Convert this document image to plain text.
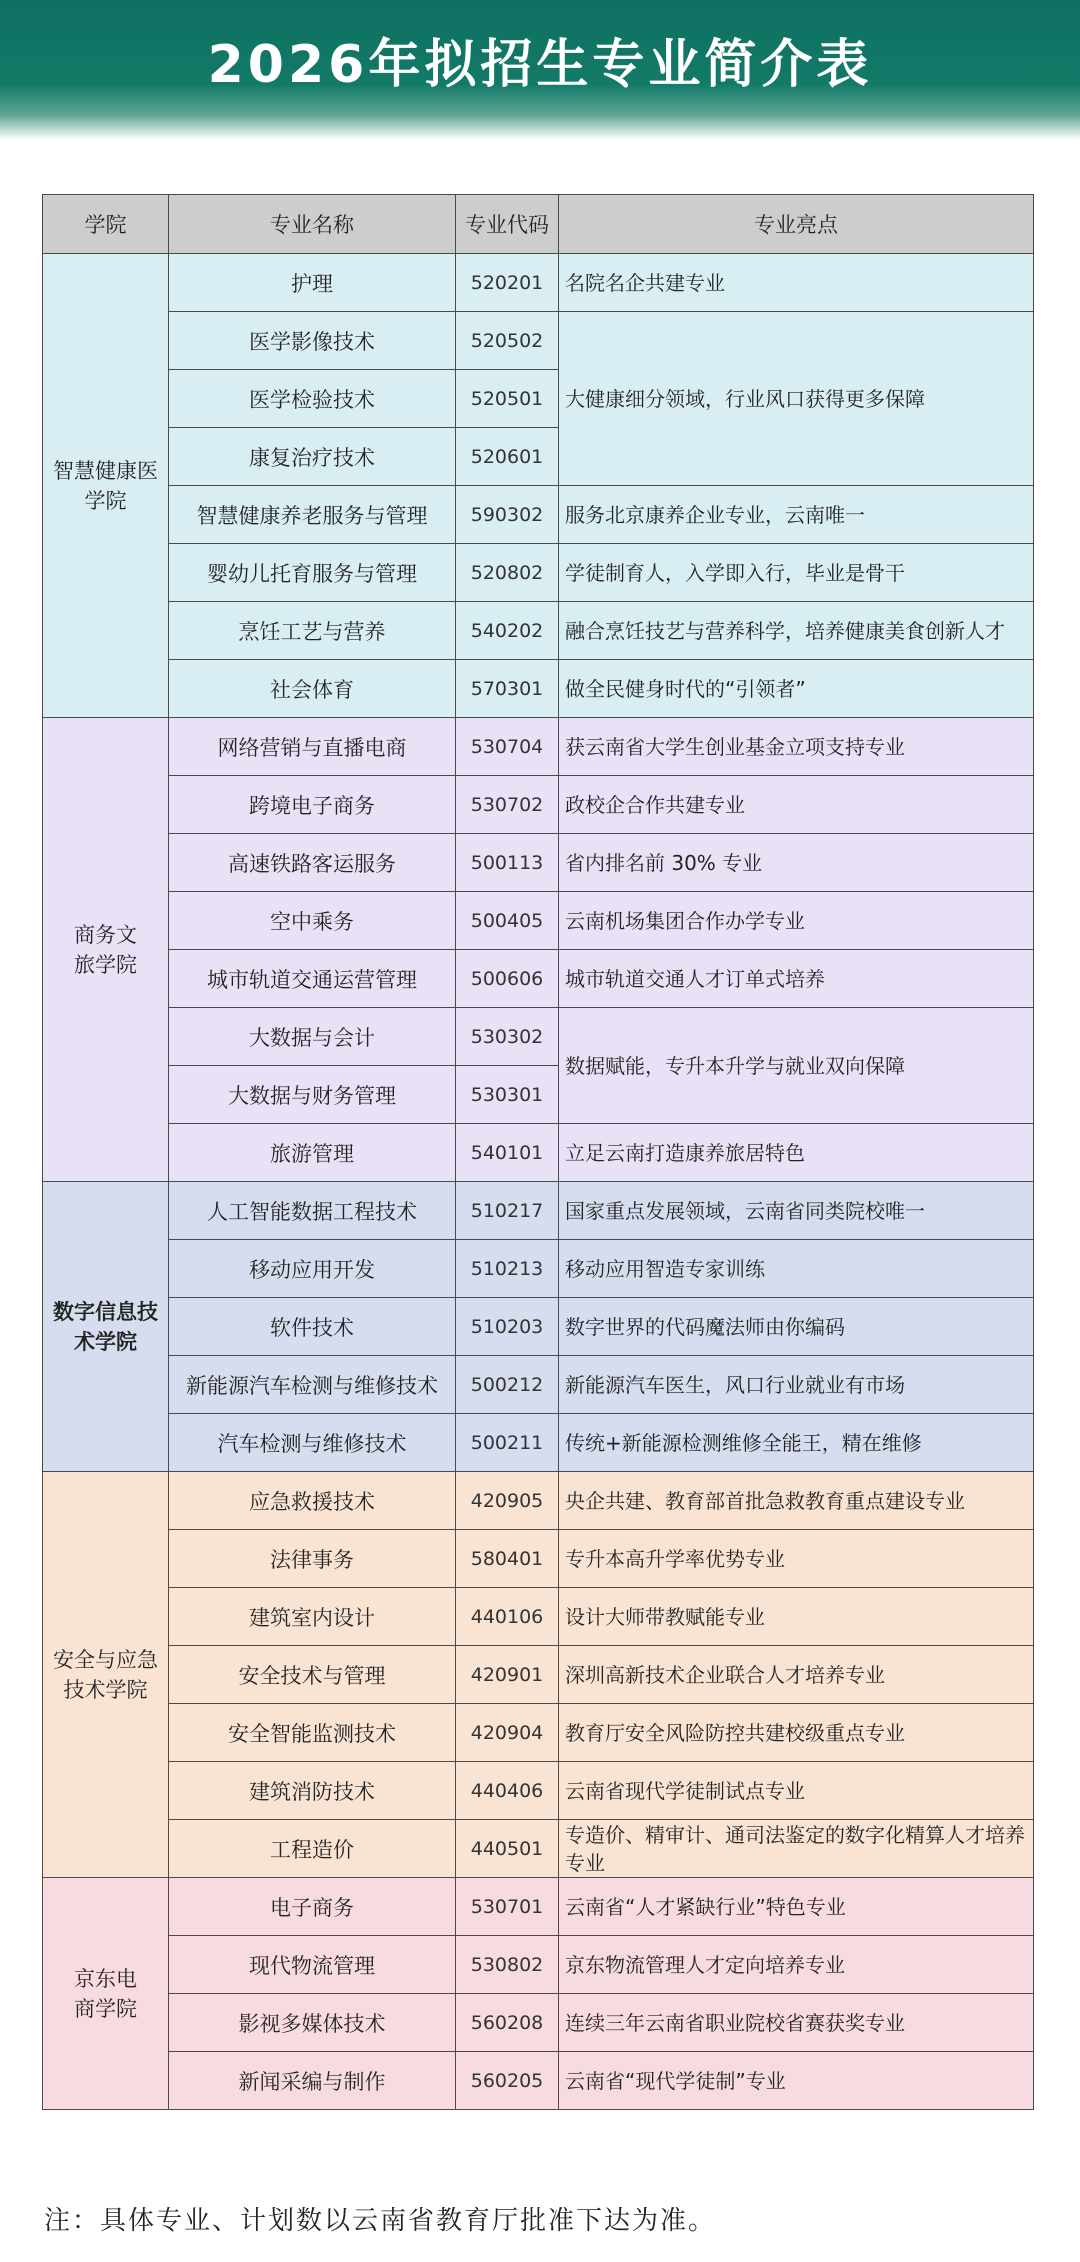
2026年拟招生专业简介表
学院	专业名称	专业代码	专业亮点

智慧健康医学院	护理	520201	名院名企共建专业
	医学影像技术	520502	大健康细分领域，行业风口获得更多保障
	医学检验技术	520501	
	康复治疗技术	520601	
	智慧健康养老服务与管理	590302	服务北京康养企业专业，云南唯一
	婴幼儿托育服务与管理	520802	学徒制育人，入学即入行，毕业是骨干
	烹饪工艺与营养	540202	融合烹饪技艺与营养科学，培养健康美食创新人才
	社会体育	570301	做全民健身时代的“引领者”

商务文旅学院	网络营销与直播电商	530704	获云南省大学生创业基金立项支持专业
	跨境电子商务	530702	政校企合作共建专业
	高速铁路客运服务	500113	省内排名前 30% 专业
	空中乘务	500405	云南机场集团合作办学专业
	城市轨道交通运营管理	500606	城市轨道交通人才订单式培养
	大数据与会计	530302	数据赋能，专升本升学与就业双向保障
	大数据与财务管理	530301	
	旅游管理	540101	立足云南打造康养旅居特色

数字信息技术学院	人工智能数据工程技术	510217	国家重点发展领域，云南省同类院校唯一
	移动应用开发	510213	移动应用智造专家训练
	软件技术	510203	数字世界的代码魔法师由你编码
	新能源汽车检测与维修技术	500212	新能源汽车医生，风口行业就业有市场
	汽车检测与维修技术	500211	传统+新能源检测维修全能王，精在维修

安全与应急技术学院	应急救援技术	420905	央企共建、教育部首批急救教育重点建设专业
	法律事务	580401	专升本高升学率优势专业
	建筑室内设计	440106	设计大师带教赋能专业
	安全技术与管理	420901	深圳高新技术企业联合人才培养专业
	安全智能监测技术	420904	教育厅安全风险防控共建校级重点专业
	建筑消防技术	440406	云南省现代学徒制试点专业
	工程造价	440501	专造价、精审计、通司法鉴定的数字化精算人才培养专业

京东电商学院	电子商务	530701	云南省“人才紧缺行业”特色专业
	现代物流管理	530802	京东物流管理人才定向培养专业
	影视多媒体技术	560208	连续三年云南省职业院校省赛获奖专业
	新闻采编与制作	560205	云南省“现代学徒制”专业
注：具体专业、计划数以云南省教育厅批准下达为准。
